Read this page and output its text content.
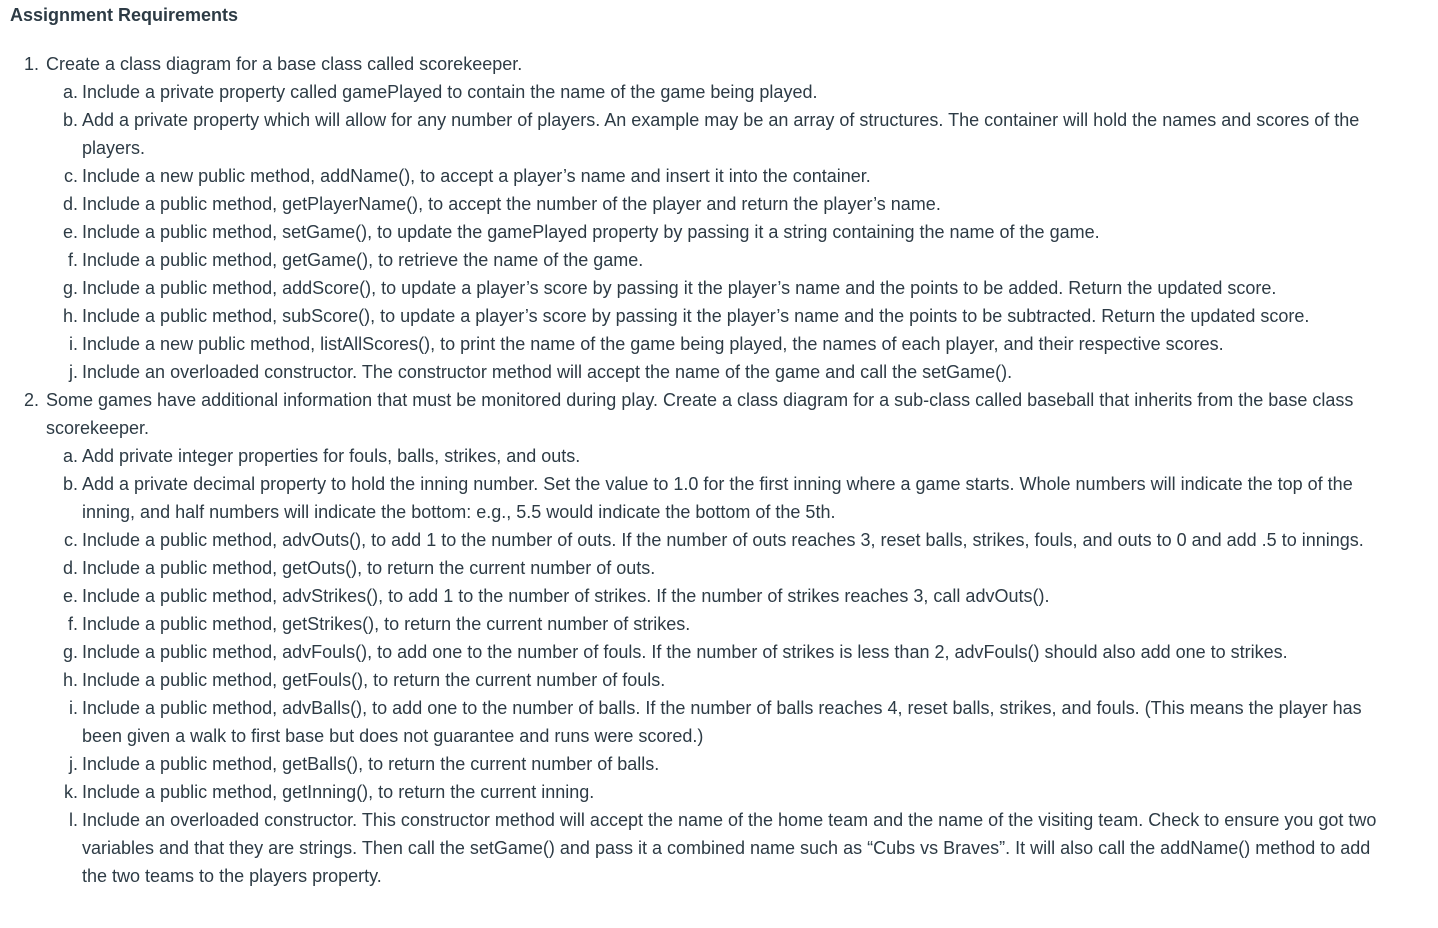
Assignment Requirements
1. Create a class diagram for a base class called scorekeeper.
a. Include a private property called gamePlayed to contain the name of the game being played.
b. Add a private property which will allow for any number of players. An example may be an array of structures. The container will hold the names and scores of the players.
c. Include a new public method, addName(), to accept a player’s name and insert it into the container.
d. Include a public method, getPlayerName(), to accept the number of the player and return the player’s name.
e. Include a public method, setGame(), to update the gamePlayed property by passing it a string containing the name of the game.
f. Include a public method, getGame(), to retrieve the name of the game.
g. Include a public method, addScore(), to update a player’s score by passing it the player’s name and the points to be added. Return the updated score.
h. Include a public method, subScore(), to update a player’s score by passing it the player’s name and the points to be subtracted. Return the updated score.
i. Include a new public method, listAllScores(), to print the name of the game being played, the names of each player, and their respective scores.
j. Include an overloaded constructor. The constructor method will accept the name of the game and call the setGame().
2. Some games have additional information that must be monitored during play. Create a class diagram for a sub-class called baseball that inherits from the base class scorekeeper.
a. Add private integer properties for fouls, balls, strikes, and outs.
b. Add a private decimal property to hold the inning number. Set the value to 1.0 for the first inning where a game starts. Whole numbers will indicate the top of the inning, and half numbers will indicate the bottom: e.g., 5.5 would indicate the bottom of the 5th.
c. Include a public method, advOuts(), to add 1 to the number of outs. If the number of outs reaches 3, reset balls, strikes, fouls, and outs to 0 and add .5 to innings.
d. Include a public method, getOuts(), to return the current number of outs.
e. Include a public method, advStrikes(), to add 1 to the number of strikes. If the number of strikes reaches 3, call advOuts().
f. Include a public method, getStrikes(), to return the current number of strikes.
g. Include a public method, advFouls(), to add one to the number of fouls. If the number of strikes is less than 2, advFouls() should also add one to strikes.
h. Include a public method, getFouls(), to return the current number of fouls.
i. Include a public method, advBalls(), to add one to the number of balls. If the number of balls reaches 4, reset balls, strikes, and fouls. (This means the player has been given a walk to first base but does not guarantee and runs were scored.)
j. Include a public method, getBalls(), to return the current number of balls.
k. Include a public method, getInning(), to return the current inning.
l. Include an overloaded constructor. This constructor method will accept the name of the home team and the name of the visiting team. Check to ensure you got two variables and that they are strings. Then call the setGame() and pass it a combined name such as “Cubs vs Braves”. It will also call the addName() method to add the two teams to the players property.
